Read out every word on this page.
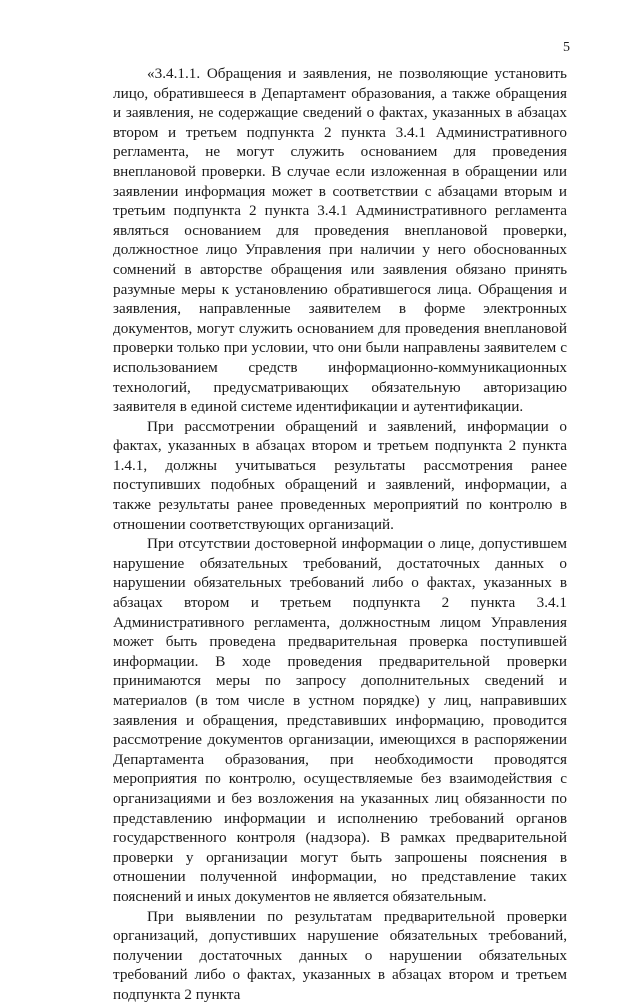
5

«3.4.1.1. Обращения и заявления, не позволяющие установить лицо, обратившееся в Департамент образования, а также обращения и заявления, не содержащие сведений о фактах, указанных в абзацах втором и третьем подпункта 2 пункта 3.4.1 Административного регламента, не могут служить основанием для проведения внеплановой проверки. В случае если изложенная в обращении или заявлении информация может в соответствии с абзацами вторым и третьим подпункта 2 пункта 3.4.1 Административного регламента являться основанием для проведения внеплановой проверки, должностное лицо Управления при наличии у него обоснованных сомнений в авторстве обращения или заявления обязано принять разумные меры к установлению обратившегося лица. Обращения и заявления, направленные заявителем в форме электронных документов, могут служить основанием для проведения внеплановой проверки только при условии, что они были направлены заявителем с использованием средств информационно-коммуникационных технологий, предусматривающих обязательную авторизацию заявителя в единой системе идентификации и аутентификации.

При рассмотрении обращений и заявлений, информации о фактах, указанных в абзацах втором и третьем подпункта 2 пункта 1.4.1, должны учитываться результаты рассмотрения ранее поступивших подобных обращений и заявлений, информации, а также результаты ранее проведенных мероприятий по контролю в отношении соответствующих организаций.

При отсутствии достоверной информации о лице, допустившем нарушение обязательных требований, достаточных данных о нарушении обязательных требований либо о фактах, указанных в абзацах втором и третьем подпункта 2 пункта 3.4.1 Административного регламента, должностным лицом Управления может быть проведена предварительная проверка поступившей информации. В ходе проведения предварительной проверки принимаются меры по запросу дополнительных сведений и материалов (в том числе в устном порядке) у лиц, направивших заявления и обращения, представивших информацию, проводится рассмотрение документов организации, имеющихся в распоряжении Департамента образования, при необходимости проводятся мероприятия по контролю, осуществляемые без взаимодействия с организациями и без возложения на указанных лиц обязанности по представлению информации и исполнению требований органов государственного контроля (надзора). В рамках предварительной проверки у организации могут быть запрошены пояснения в отношении полученной информации, но представление таких пояснений и иных документов не является обязательным.

При выявлении по результатам предварительной проверки организаций, допустивших нарушение обязательных требований, получении достаточных данных о нарушении обязательных требований либо о фактах, указанных в абзацах втором и третьем подпункта 2 пункта
